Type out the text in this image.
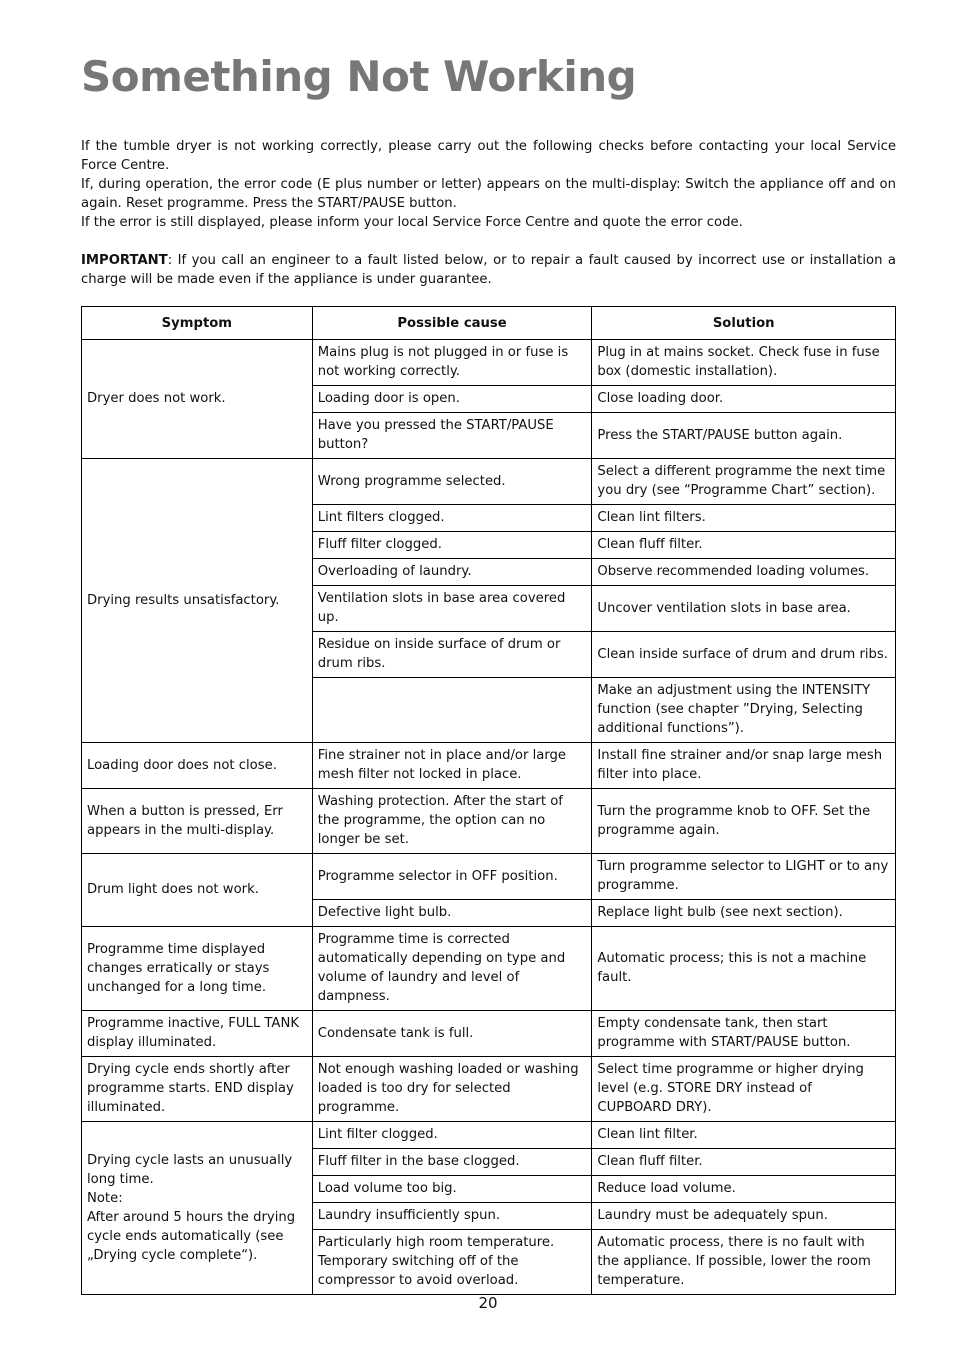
Something Not Working

If the tumble dryer is not working correctly, please carry out the following checks before contacting your local Service Force Centre.

If, during operation, the error code (E plus number or letter) appears on the multi-display: Switch the appliance off and on again. Reset programme. Press the START/PAUSE button.

If the error is still displayed, please inform your local Service Force Centre and quote the error code.

IMPORTANT: If you call an engineer to a fault listed below, or to repair a fault caused by incorrect use or installation a charge will be made even if the appliance is under guarantee.

Symptom	Possible cause	Solution
Dryer does not work.	Mains plug is not plugged in or fuse is not working correctly.	Plug in at mains socket. Check fuse in fuse box (domestic installation).
	Loading door is open.	Close loading door.
	Have you pressed the START/PAUSE button?	Press the START/PAUSE button again.
Drying results unsatisfactory.	Wrong programme selected.	Select a different programme the next time you dry (see “Programme Chart” section).
	Lint filters clogged.	Clean lint filters.
	Fluff filter clogged.	Clean fluff filter.
	Overloading of laundry.	Observe recommended loading volumes.
	Ventilation slots in base area covered up.	Uncover ventilation slots in base area.
	Residue on inside surface of drum or drum ribs.	Clean inside surface of drum and drum ribs.
		Make an adjustment using the INTENSITY function (see chapter ”Drying, Selecting additional functions”).
Loading door does not close.	Fine strainer not in place and/or large mesh filter not locked in place.	Install fine strainer and/or snap large mesh filter into place.
When a button is pressed, Err appears in the multi-display.	Washing protection. After the start of the programme, the option can no longer be set.	Turn the programme knob to OFF. Set the programme again.
Drum light does not work.	Programme selector in OFF position.	Turn programme selector to LIGHT or to any programme.
	Defective light bulb.	Replace light bulb (see next section).
Programme time displayed changes erratically or stays unchanged for a long time.	Programme time is corrected automatically depending on type and volume of laundry and level of dampness.	Automatic process; this is not a machine fault.
Programme inactive, FULL TANK display illuminated.	Condensate tank is full.	Empty condensate tank, then start programme with START/PAUSE button.
Drying cycle ends shortly after programme starts. END display illuminated.	Not enough washing loaded or washing loaded is too dry for selected programme.	Select time programme or higher drying level (e.g. STORE DRY instead of CUPBOARD DRY).

Drying cycle lasts an unusually long time.
Note:
After around 5 hours the drying cycle ends automatically (see „Drying cycle complete“).	Lint filter clogged.	Clean lint filter.
	Fluff filter in the base clogged.	Clean fluff filter.
	Load volume too big.	Reduce load volume.
	Laundry insufficiently spun.	Laundry must be adequately spun.
	Particularly high room temperature. Temporary switching off of the compressor to avoid overload.	Automatic process, there is no fault with the appliance. If possible, lower the room temperature.
20
